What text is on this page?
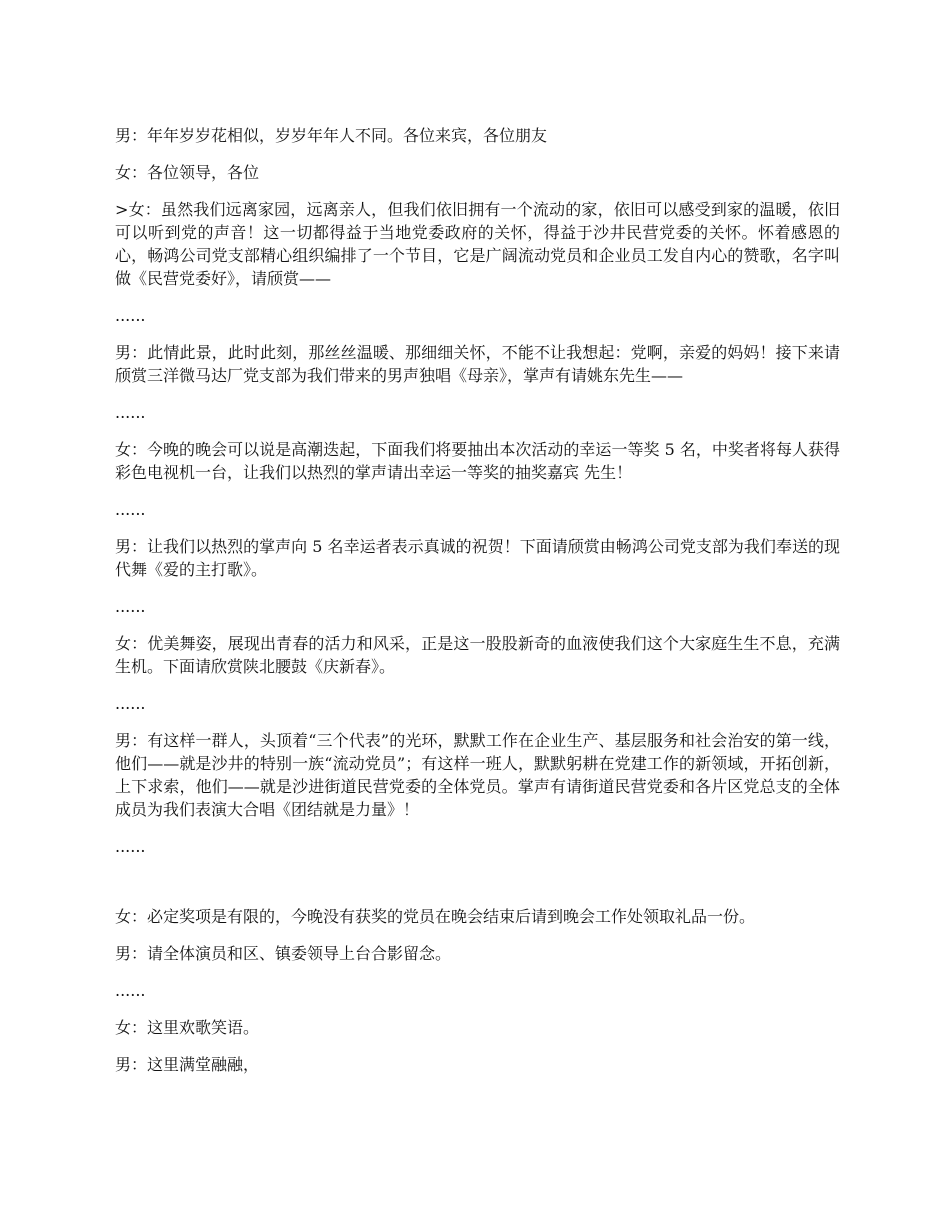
男：年年岁岁花相似，岁岁年年人不同。各位来宾，各位朋友

女：各位领导，各位

>女：虽然我们远离家园，远离亲人，但我们依旧拥有一个流动的家，依旧可以感受到家的温暖，依旧可以听到党的声音！这一切都得益于当地党委政府的关怀，得益于沙井民营党委的关怀。怀着感恩的心，畅鸿公司党支部精心组织编排了一个节目，它是广阔流动党员和企业员工发自内心的赞歌，名字叫做《民营党委好》，请颀赏——

......

男：此情此景，此时此刻，那丝丝温暖、那细细关怀，不能不让我想起：党啊，亲爱的妈妈！接下来请颀赏三洋微马达厂党支部为我们带来的男声独唱《母亲》，掌声有请姚东先生——

......

女：今晚的晚会可以说是高潮迭起，下面我们将要抽出本次活动的幸运一等奖 5 名，中奖者将每人获得彩色电视机一台，让我们以热烈的掌声请出幸运一等奖的抽奖嘉宾 先生！

......

男：让我们以热烈的掌声向 5 名幸运者表示真诚的祝贺！下面请颀赏由畅鸿公司党支部为我们奉送的现代舞《爱的主打歌》。

......

女：优美舞姿，展现出青春的活力和风采，正是这一股股新奇的血液使我们这个大家庭生生不息，充满生机。下面请欣赏陕北腰鼓《庆新春》。

......

男：有这样一群人，头顶着“三个代表”的光环，默默工作在企业生产、基层服务和社会治安的第一线，他们——就是沙井的特别一族“流动党员”；有这样一班人，默默躬耕在党建工作的新领域，开拓创新，上下求索，他们——就是沙进街道民营党委的全体党员。掌声有请街道民营党委和各片区党总支的全体成员为我们表演大合唱《团结就是力量》！

......

女：必定奖项是有限的，今晚没有获奖的党员在晚会结束后请到晚会工作处领取礼品一份。

男：请全体演员和区、镇委领导上台合影留念。

......

女：这里欢歌笑语。

男：这里满堂融融，
